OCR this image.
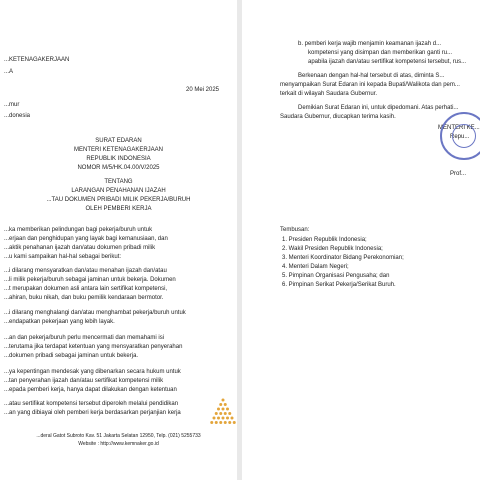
...KETENAGAKERJAAN
...A
20 Mei 2025
...mur
...donesia
SURAT EDARAN
MENTERI KETENAGAKERJAAN
REPUBLIK INDONESIA
NOMOR M/5/HK.04.00/V/2025
TENTANG
LARANGAN PENAHANAN IJAZAH
...TAU DOKUMEN PRIBADI MILIK PEKERJA/BURUH
OLEH PEMBERI KERJA
...ka memberikan pelindungan bagi pekerja/buruh untuk
...erjaan dan penghidupan yang layak bagi kemanusiaan, dan
...aktik penahanan ijazah dan/atau dokumen pribadi milik
...u kami sampaikan hal-hal sebagai berikut:
...i dilarang mensyaratkan dan/atau menahan ijazah dan/atau
...li milik pekerja/buruh sebagai jaminan untuk bekerja. Dokumen
...t merupakan dokumen asli antara lain sertifikat kompetensi,
...ahiran, buku nikah, dan buku pemilik kendaraan bermotor.
...i dilarang menghalangi dan/atau menghambat pekerja/buruh untuk
...endapatkan pekerjaan yang lebih layak.
...an dan pekerja/buruh perlu mencermati dan memahami isi
...terutama jika terdapat ketentuan yang mensyaratkan penyerahan
...dokumen pribadi sebagai jaminan untuk bekerja.
...ya kepentingan mendesak yang dibenarkan secara hukum untuk
...tan penyerahan ijazah dan/atau sertifikat kompetensi milik
...epada pemberi kerja, hanya dapat dilakukan dengan ketentuan
...atau sertifikat kompetensi tersebut diperoleh melalui pendidikan
...an yang dibiayai oleh pemberi kerja berdasarkan perjanjian kerja
...deral Gatot Subroto Kav. 51 Jakarta Selatan 12950, Telp. (021) 5255733
Website : http://www.kemnaker.go.id
b. pemberi kerja wajib menjamin keamanan ijazah d...
kompetensi yang disimpan dan memberikan ganti ru...
apabila ijazah dan/atau sertifikat kompetensi tersebut, rus...
Berkenaan dengan hal-hal tersebut di atas, diminta S...
menyampaikan Surat Edaran ini kepada Bupati/Walikota dan pem...
terkait di wilayah Saudara Gubernur.
Demikian Surat Edaran ini, untuk dipedomani. Atas perhati...
Saudara Gubernur, diucapkan terima kasih.
MENTERI KE...
Repu...
Prof...
Tembusan:
1. Presiden Republik Indonesia;
2. Wakil Presiden Republik Indonesia;
3. Menteri Koordinator Bidang Perekonomian;
4. Menteri Dalam Negeri;
5. Pimpinan Organisasi Pengusaha; dan
6. Pimpinan Serikat Pekerja/Serikat Buruh.
